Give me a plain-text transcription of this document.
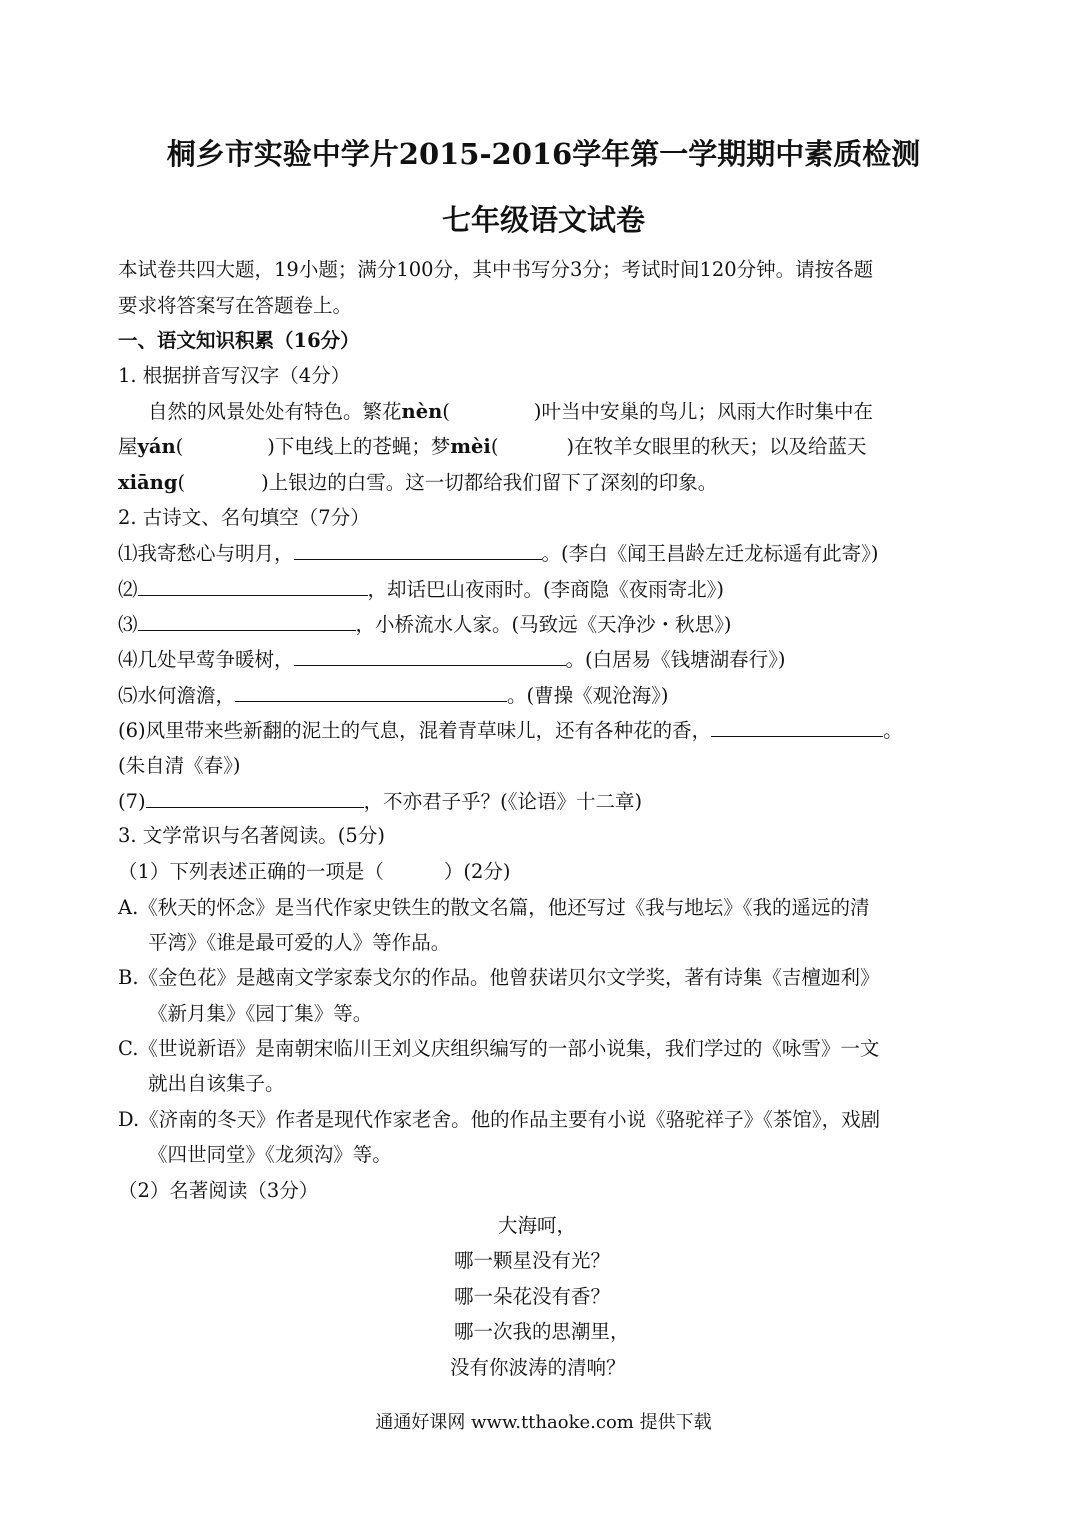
桐乡市实验中学片2015-2016学年第一学期期中素质检测
七年级语文试卷
本试卷共四大题，19小题；满分100分，其中书写分3分；考试时间120分钟。请按各题
要求将答案写在答题卷上。
一、语文知识积累（16分）
1. 根据拼音写汉字（4分）
自然的风景处处有特色。繁花nèn(	)叶当中安巢的鸟儿；风雨大作时集中在
屋yán(	)下电线上的苍蝇；梦mèi(	)在牧羊女眼里的秋天；以及给蓝天
xiāng(	)上银边的白雪。这一切都给我们留下了深刻的印象。
2. 古诗文、名句填空（7分）
⑴我寄愁心与明月，	。(李白《闻王昌龄左迁龙标遥有此寄》)
⑵	，却话巴山夜雨时。(李商隐《夜雨寄北》)
⑶	，小桥流水人家。(马致远《天净沙・秋思》)
⑷几处早莺争暖树，	。(白居易《钱塘湖春行》)
⑸水何澹澹，	。(曹操《观沧海》)
(6)风里带来些新翻的泥土的气息，混着青草味儿，还有各种花的香，	。
(朱自清《春》)
(7)	，不亦君子乎？(《论语》十二章)
3. 文学常识与名著阅读。(5分)
（1）下列表述正确的一项是（	）(2分)
A.《秋天的怀念》是当代作家史铁生的散文名篇，他还写过《我与地坛》《我的遥远的清
平湾》《谁是最可爱的人》等作品。
B.《金色花》是越南文学家泰戈尔的作品。他曾获诺贝尔文学奖，著有诗集《吉檀迦利》
《新月集》《园丁集》等。
C.《世说新语》是南朝宋临川王刘义庆组织编写的一部小说集，我们学过的《咏雪》一文
就出自该集子。
D.《济南的冬天》作者是现代作家老舍。他的作品主要有小说《骆驼祥子》《茶馆》，戏剧
《四世同堂》《龙须沟》等。
（2）名著阅读（3分）
大海呵，
哪一颗星没有光？
哪一朵花没有香？
哪一次我的思潮里，
没有你波涛的清响？
通通好课网 www.tthaoke.com 提供下载
